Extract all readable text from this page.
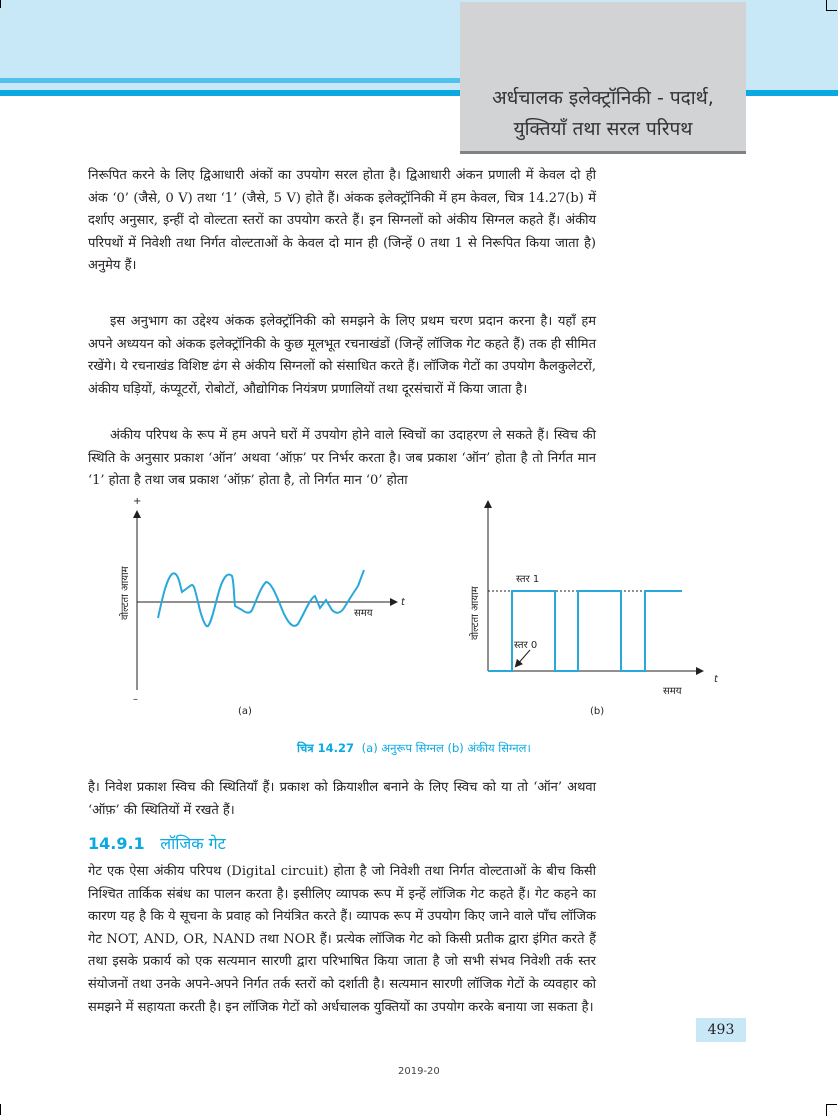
अर्धचालक इलेक्ट्रॉनिकी - पदार्थ,
युक्तियाँ तथा सरल परिपथ

निरूपित करने के लिए द्विआधारी अंकों का उपयोग सरल होता है। द्विआधारी अंकन प्रणाली में केवल दो ही अंक ‘0’ (जैसे, 0 V) तथा ‘1’ (जैसे, 5 V) होते हैं। अंकक इलेक्ट्रॉनिकी में हम केवल, चित्र 14.27(b) में दर्शाए अनुसार, इन्हीं दो वोल्टता स्तरों का उपयोग करते हैं। इन सिग्नलों को अंकीय सिग्नल कहते हैं। अंकीय परिपथों में निवेशी तथा निर्गत वोल्टताओं के केवल दो मान ही (जिन्हें 0 तथा 1 से निरूपित किया जाता है) अनुमेय हैं।

इस अनुभाग का उद्देश्य अंकक इलेक्ट्रॉनिकी को समझने के लिए प्रथम चरण प्रदान करना है। यहाँ हम अपने अध्ययन को अंकक इलेक्ट्रॉनिकी के कुछ मूलभूत रचनाखंडों (जिन्हें लॉजिक गेट कहते हैं) तक ही सीमित रखेंगे। ये रचनाखंड विशिष्ट ढंग से अंकीय सिग्नलों को संसाधित करते हैं। लॉजिक गेटों का उपयोग कैलकुलेटरों, अंकीय घड़ियों, कंप्यूटरों, रोबोटों, औद्योगिक नियंत्रण प्रणालियों तथा दूरसंचारों में किया जाता है।

अंकीय परिपथ के रूप में हम अपने घरों में उपयोग होने वाले स्विचों का उदाहरण ले सकते हैं। स्विच की स्थिति के अनुसार प्रकाश ‘ऑन’ अथवा ‘ऑफ़’ पर निर्भर करता है। जब प्रकाश ‘ऑन’ होता है तो निर्गत मान ‘1’ होता है तथा जब प्रकाश ‘ऑफ़’ होता है, तो निर्गत मान ‘0’ होता

+
–
वोल्टता आयाम	समय
t
(a)
स्तर 1
स्तर 0
वोल्टता आयाम
समय
t
(b)
चित्र 14.27 (a) अनुरूप सिग्नल (b) अंकीय सिग्नल।

है। निवेश प्रकाश स्विच की स्थितियाँ हैं। प्रकाश को क्रियाशील बनाने के लिए स्विच को या तो ‘ऑन’ अथवा ‘ऑफ़’ की स्थितियों में रखते हैं।

14.9.1 लॉजिक गेट

गेट एक ऐसा अंकीय परिपथ (Digital circuit) होता है जो निवेशी तथा निर्गत वोल्टताओं के बीच किसी निश्चित तार्किक संबंध का पालन करता है। इसीलिए व्यापक रूप में इन्हें लॉजिक गेट कहते हैं। गेट कहने का कारण यह है कि ये सूचना के प्रवाह को नियंत्रित करते हैं। व्यापक रूप में उपयोग किए जाने वाले पाँच लॉजिक गेट NOT, AND, OR, NAND तथा NOR हैं। प्रत्येक लॉजिक गेट को किसी प्रतीक द्वारा इंगित करते हैं तथा इसके प्रकार्य को एक सत्यमान सारणी द्वारा परिभाषित किया जाता है जो सभी संभव निवेशी तर्क स्तर संयोजनों तथा उनके अपने-अपने निर्गत तर्क स्तरों को दर्शाती है। सत्यमान सारणी लॉजिक गेटों के व्यवहार को समझने में सहायता करती है। इन लॉजिक गेटों को अर्धचालक युक्तियों का उपयोग करके बनाया जा सकता है।

493
2019-20
